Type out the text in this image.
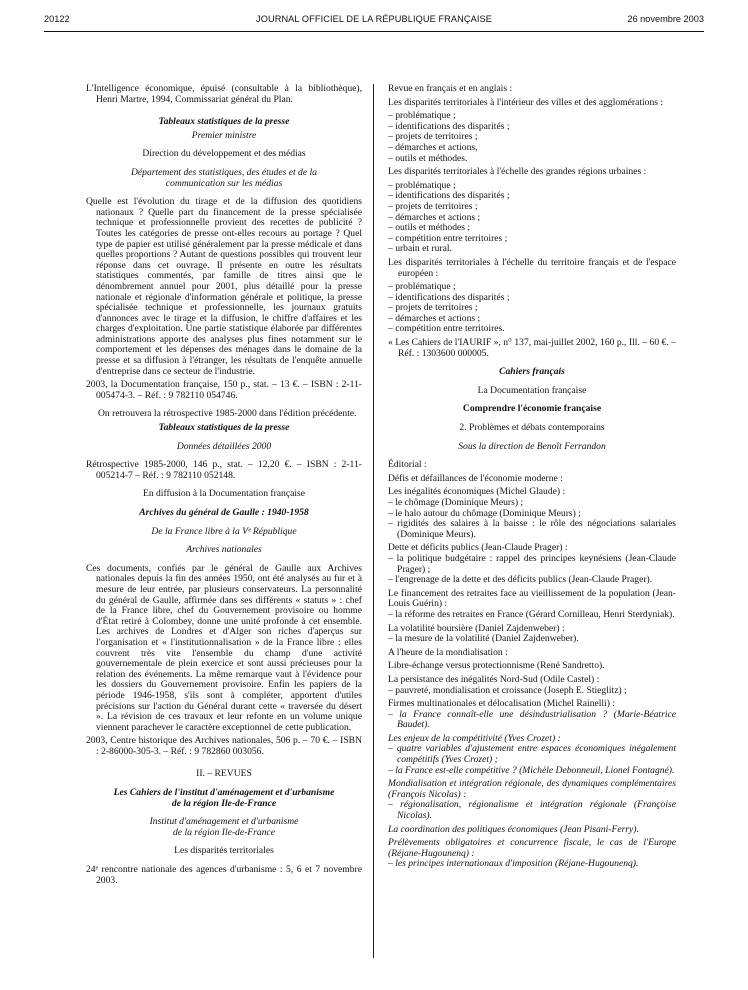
20122	JOURNAL OFFICIEL DE LA RÉPUBLIQUE FRANÇAISE	26 novembre 2003

L'Intelligence économique, épuisé (consultable à la bibliothèque), Henri Martre, 1994, Commissariat général du Plan.

Tableaux statistiques de la presse

Premier ministre

Direction du développement et des médias

Département des statistiques, des études et de la communication sur les médias

Quelle est l'évolution du tirage et de la diffusion des quotidiens nationaux ? Quelle part du financement de la presse spécialisée technique et professionnelle provient des recettes de publicité ? Toutes les catégories de presse ont-elles recours au portage ? Quel type de papier est utilisé généralement par la presse médicale et dans quelles proportions ? Autant de questions possibles qui trouvent leur réponse dans cet ouvrage. Il présente en outre les résultats statistiques commentés, par famille de titres ainsi que le dénombrement annuel pour 2001, plus détaillé pour la presse nationale et régionale d'information générale et politique, la presse spécialisée technique et professionnelle, les journaux gratuits d'annonces avec le tirage et la diffusion, le chiffre d'affaires et les charges d'exploitation. Une partie statistique élaborée par différentes administrations apporte des analyses plus fines notamment sur le comportement et les dépenses des ménages dans le domaine de la presse et sa diffusion à l'étranger, les résultats de l'enquête annuelle d'entreprise dans ce secteur de l'industrie.

2003, la Documentation française, 150 p., stat. – 13 €. – ISBN : 2-11-005474-3. – Réf. : 9 782110 054746.

On retrouvera la rétrospective 1985-2000 dans l'édition précédente.

Tableaux statistiques de la presse

Données détaillées 2000

Rétrospective 1985-2000, 146 p., stat. – 12,20 €. – ISBN : 2-11-005214-7 – Réf. : 9 782110 052148.

En diffusion à la Documentation française

Archives du général de Gaulle : 1940-1958

De la France libre à la Vᵉ République

Archives nationales

Ces documents, confiés par le général de Gaulle aux Archives nationales depuis la fin des années 1950, ont été analysés au fur et à mesure de leur entrée, par plusieurs conservateurs. La personnalité du général de Gaulle, affirmée dans ses différents « statuts » : chef de la France libre, chef du Gouvernement provisoire ou homme d'État retiré à Colombey, donne une unité profonde à cet ensemble. Les archives de Londres et d'Alger son riches d'aperçus sur l'organisation et « l'institutionnalisation » de la France libre : elles couvrent très vite l'ensemble du champ d'une activité gouvernementale de plein exercice et sont aussi précieuses pour la relation des événements. La même remarque vaut à l'évidence pour les dossiers du Gouvernement provisoire. Enfin les papiers de la période 1946-1958, s'ils sont à compléter, apportent d'utiles précisions sur l'action du Général durant cette « traversée du désert ». La révision de ces travaux et leur refonte en un volume unique viennent parachever le caractère exceptionnel de cette publication.

2003, Centre historique des Archives nationales, 506 p. – 70 €. – ISBN : 2-86000-305-3. – Réf. : 9 782860 003056.

II. – REVUES

Les Cahiers de l'institut d'aménagement et d'urbanisme de la région Ile-de-France

Institut d'aménagement et d'urbanisme de la région Ile-de-France

Les disparités territoriales

24ᵉ rencontre nationale des agences d'urbanisme : 5, 6 et 7 novembre 2003.

Revue en français et en anglais :

Les disparités territoriales à l'intérieur des villes et des agglomérations :

– problématique ;
– identifications des disparités ;
– projets de territoires ;
– démarches et actions,
– outils et méthodes.

Les disparités territoriales à l'échelle des grandes régions urbaines :

– problématique ;
– identifications des disparités ;
– projets de territoires ;
– démarches et actions ;
– outils et méthodes ;
– compétition entre territoires ;
– urbain et rural.

Les disparités territoriales à l'échelle du territoire français et de l'espace européen :

– problématique ;
– identifications des disparités ;
– projets de territoires ;
– démarches et actions ;
– compétition entre territoires.

« Les Cahiers de l'IAURIF », n° 137, mai-juillet 2002, 160 p., Ill. – 60 €. – Réf. : 1303600 000005.

Cahiers français

La Documentation française

Comprendre l'économie française

2. Problèmes et débats contemporains

Sous la direction de Benoît Ferrandon

Éditorial :

Défis et défaillances de l'économie moderne :

Les inégalités économiques (Michel Glaude) :

– le chômage (Dominique Meurs) ;
– le halo autour du chômage (Dominique Meurs) ;
– rigidités des salaires à la baisse : le rôle des négociations salariales (Dominique Meurs).

Dette et déficits publics (Jean-Claude Prager) :

– la politique budgétaire : rappel des principes keynésiens (Jean-Claude Prager) ;
– l'engrenage de la dette et des déficits publics (Jean-Claude Prager).

Le financement des retraites face au vieillissement de la population (Jean-Louis Guérin) :

– la réforme des retraites en France (Gérard Cornilleau, Henri Sterdyniak).

La volatilité boursière (Daniel Zajdenweber) :

– la mesure de la volatilité (Daniel Zajdenweber).

A l'heure de la mondialisation :

Libre-échange versus protectionnisme (René Sandretto).

La persistance des inégalités Nord-Sud (Odile Castel) :

– pauvreté, mondialisation et croissance (Joseph E. Stieglitz) ;

Firmes multinationales et délocalisation (Michel Rainelli) :

– la France connaît-elle une désindustrialisation ? (Marie-Béatrice Baudet).

Les enjeux de la compétitivité (Yves Crozet) :

– quatre variables d'ajustement entre espaces économiques inégalement compétitifs (Yves Crozet) ;
– la France est-elle compétitive ? (Michèle Debonneuil, Lionel Fontagné).

Mondialisation et intégration régionale, des dynamiques complémentaires (François Nicolas) :

– régionalisation, régionalisme et intégration régionale (Françoise Nicolas).

La coordination des politiques économiques (Jean Pisani-Ferry).

Prélèvements obligatoires et concurrence fiscale, le cas de l'Europe (Réjane-Hugounenq) :

– les principes internationaux d'imposition (Réjane-Hugounenq).
